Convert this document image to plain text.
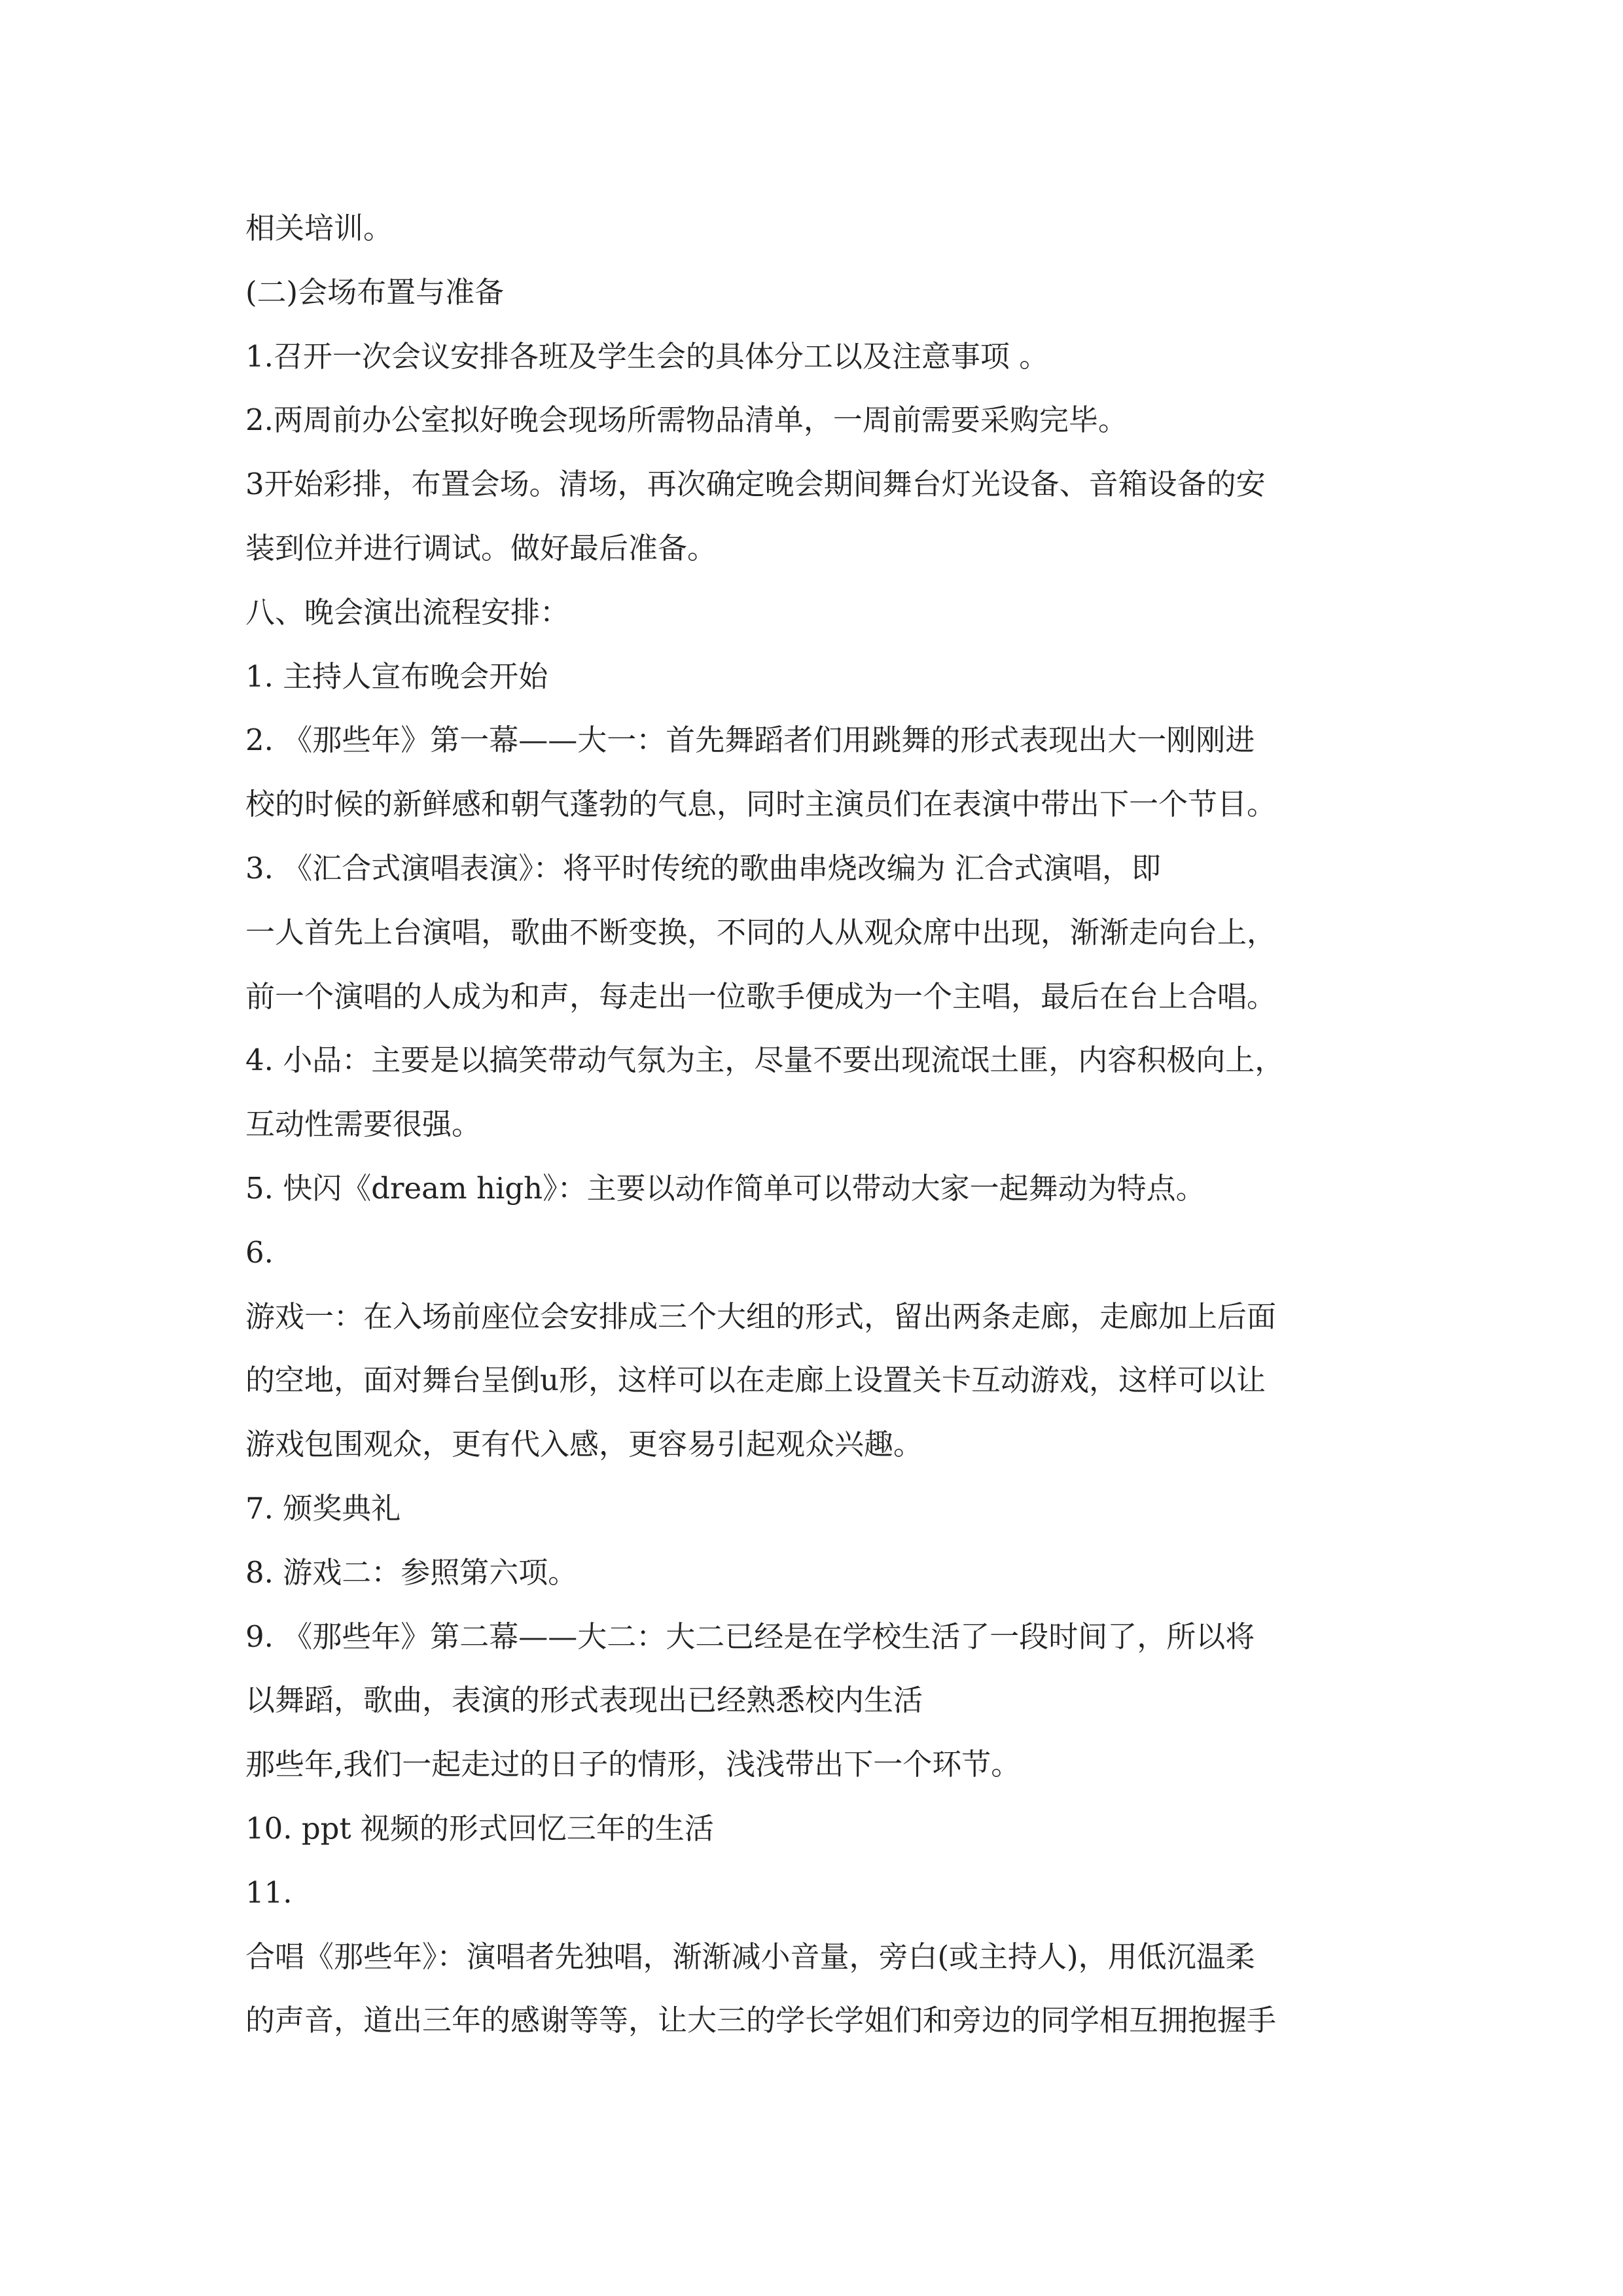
相关培训。
(二)会场布置与准备
1.召开一次会议安排各班及学生会的具体分工以及注意事项 。
2.两周前办公室拟好晚会现场所需物品清单，一周前需要采购完毕。
3开始彩排，布置会场。清场，再次确定晚会期间舞台灯光设备、音箱设备的安
装到位并进行调试。做好最后准备。
八、晚会演出流程安排：
1. 主持人宣布晚会开始
2. 《那些年》第一幕——大一：首先舞蹈者们用跳舞的形式表现出大一刚刚进
校的时候的新鲜感和朝气蓬勃的气息，同时主演员们在表演中带出下一个节目。
3. 《汇合式演唱表演》：将平时传统的歌曲串烧改编为 汇合式演唱，即
一人首先上台演唱，歌曲不断变换，不同的人从观众席中出现，渐渐走向台上，
前一个演唱的人成为和声，每走出一位歌手便成为一个主唱，最后在台上合唱。
4. 小品：主要是以搞笑带动气氛为主，尽量不要出现流氓土匪，内容积极向上，
互动性需要很强。
5. 快闪《dream high》：主要以动作简单可以带动大家一起舞动为特点。
6.
游戏一：在入场前座位会安排成三个大组的形式，留出两条走廊，走廊加上后面
的空地，面对舞台呈倒u形，这样可以在走廊上设置关卡互动游戏，这样可以让
游戏包围观众，更有代入感，更容易引起观众兴趣。
7. 颁奖典礼
8. 游戏二：参照第六项。
9. 《那些年》第二幕——大二：大二已经是在学校生活了一段时间了，所以将
以舞蹈，歌曲，表演的形式表现出已经熟悉校内生活
那些年,我们一起走过的日子的情形，浅浅带出下一个环节。
10. ppt 视频的形式回忆三年的生活
11.
合唱《那些年》：演唱者先独唱，渐渐减小音量，旁白(或主持人)，用低沉温柔
的声音，道出三年的感谢等等，让大三的学长学姐们和旁边的同学相互拥抱握手
